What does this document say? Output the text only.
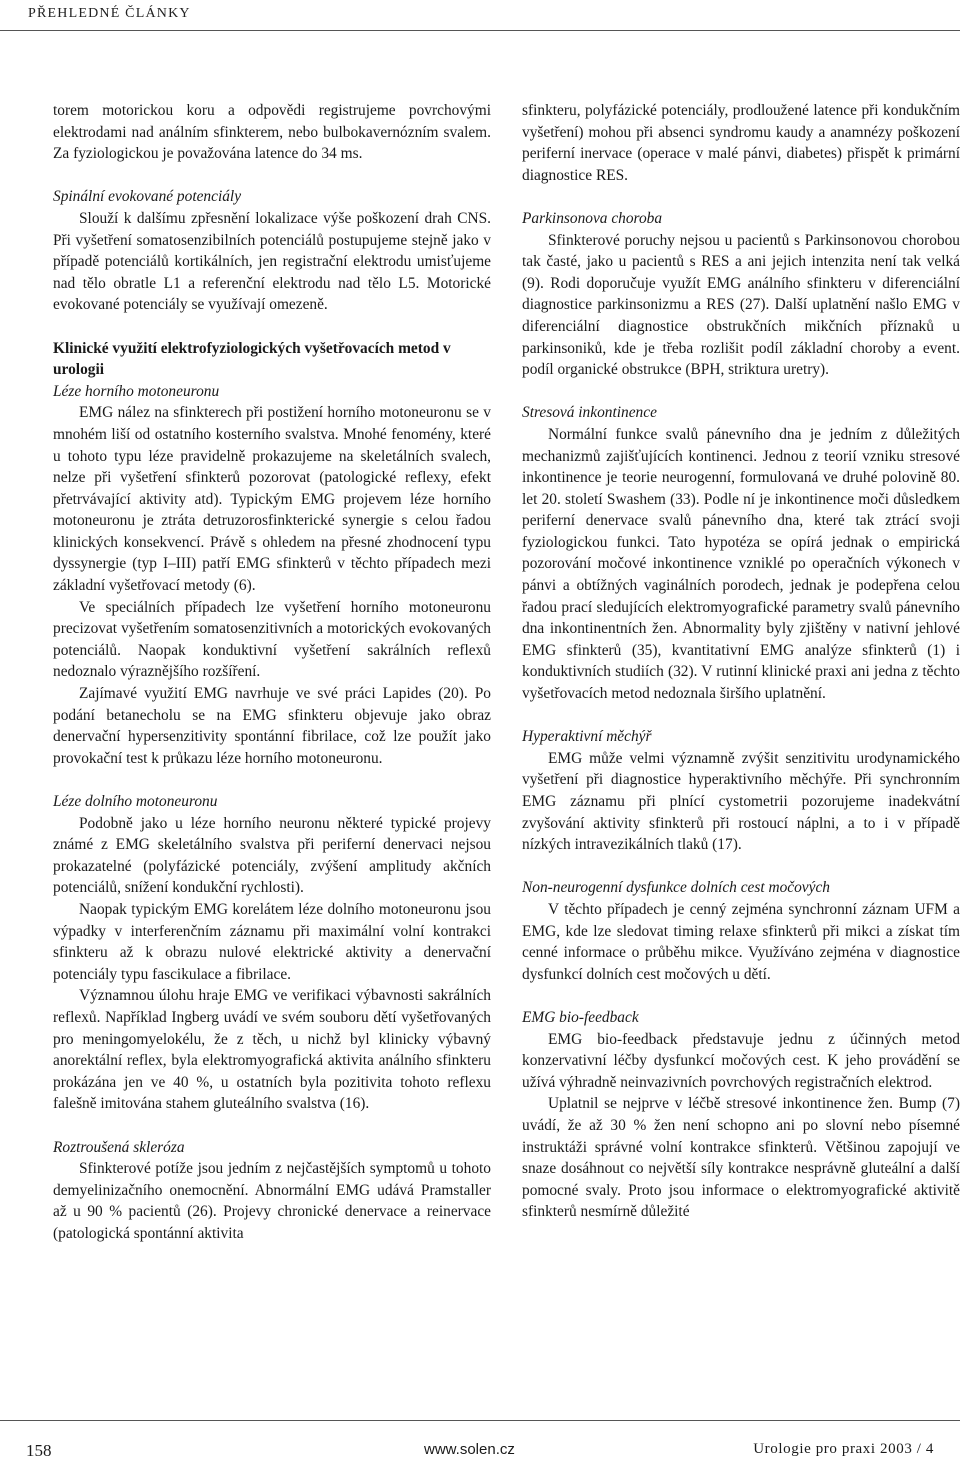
PŘEHLEDNÉ ČLÁNKY

torem motorickou koru a odpovědi registrujeme povrchovými elektrodami nad análním sfinkterem, nebo bulbokavernózním svalem. Za fyziologickou je považována latence do 34 ms.

Spinální evokované potenciály

Slouží k dalšímu zpřesnění lokalizace výše poškození drah CNS. Při vyšetření somatosenzibilních potenciálů postupujeme stejně jako v případě potenciálů kortikálních, jen registrační elektrodu umisťujeme nad tělo obratle L1 a referenční elektrodu nad tělo L5. Motorické evokované potenciály se využívají omezeně.

Klinické využití elektrofyziologických vyšetřovacích metod v urologii
Léze horního motoneuronu

EMG nález na sfinkterech při postižení horního motoneuronu se v mnohém liší od ostatního kosterního svalstva. Mnohé fenomény, které u tohoto typu léze pravidelně prokazujeme na skeletálních svalech, nelze při vyšetření sfinkterů pozorovat (patologické reflexy, efekt přetrvávající aktivity atd). Typickým EMG projevem léze horního motoneuronu je ztráta detruzorosfinkterické synergie s celou řadou klinických konsekvencí. Právě s ohledem na přesné zhodnocení typu dyssynergie (typ I–III) patří EMG sfinkterů v těchto případech mezi základní vyšetřovací metody (6).

Ve speciálních případech lze vyšetření horního motoneuronu precizovat vyšetřením somatosenzitivních a motorických evokovaných potenciálů. Naopak konduktivní vyšetření sakrálních reflexů nedoznalo výraznějšího rozšíření.

Zajímavé využití EMG navrhuje ve své práci Lapides (20). Po podání betanecholu se na EMG sfinkteru objevuje jako obraz denervační hypersenzitivity spontánní fibrilace, což lze použít jako provokační test k průkazu léze horního motoneuronu.

Léze dolního motoneuronu

Podobně jako u léze horního neuronu některé typické projevy známé z EMG skeletálního svalstva při periferní denervaci nejsou prokazatelné (polyfázické potenciály, zvýšení amplitudy akčních potenciálů, snížení kondukční rychlosti).

Naopak typickým EMG korelátem léze dolního motoneuronu jsou výpadky v interferenčním záznamu při maximální volní kontrakci sfinkteru až k obrazu nulové elektrické aktivity a denervační potenciály typu fascikulace a fibrilace.

Významnou úlohu hraje EMG ve verifikaci výbavnosti sakrálních reflexů. Například Ingberg uvádí ve svém souboru dětí vyšetřovaných pro meningomyelokélu, že z těch, u nichž byl klinicky výbavný anorektální reflex, byla elektromyografická aktivita análního sfinkteru prokázána jen ve 40 %, u ostatních byla pozitivita tohoto reflexu falešně imitována stahem gluteálního svalstva (16).

Roztroušená skleróza

Sfinkterové potíže jsou jedním z nejčastějších symptomů u tohoto demyelinizačního onemocnění. Abnormální EMG udává Pramstaller až u 90 % pacientů (26). Projevy chronické denervace a reinervace (patologická spontánní aktivita

sfinkteru, polyfázické potenciály, prodloužené latence při kondukčním vyšetření) mohou při absenci syndromu kaudy a anamnézy poškození periferní inervace (operace v malé pánvi, diabetes) přispět k primární diagnostice RES.

Parkinsonova choroba

Sfinkterové poruchy nejsou u pacientů s Parkinsonovou chorobou tak časté, jako u pacientů s RES a ani jejich intenzita není tak velká (9). Rodi doporučuje využít EMG análního sfinkteru v diferenciální diagnostice parkinsonizmu a RES (27). Další uplatnění našlo EMG v diferenciální diagnostice obstrukčních mikčních příznaků u parkinsoniků, kde je třeba rozlišit podíl základní choroby a event. podíl organické obstrukce (BPH, striktura uretry).

Stresová inkontinence

Normální funkce svalů pánevního dna je jedním z důležitých mechanizmů zajišťujících kontinenci. Jednou z teorií vzniku stresové inkontinence je teorie neurogenní, formulovaná ve druhé polovině 80. let 20. století Swashem (33). Podle ní je inkontinence moči důsledkem periferní denervace svalů pánevního dna, které tak ztrácí svoji fyziologickou funkci. Tato hypotéza se opírá jednak o empirická pozorování močové inkontinence vzniklé po operačních výkonech v pánvi a obtížných vaginálních porodech, jednak je podepřena celou řadou prací sledujících elektromyografické parametry svalů pánevního dna inkontinentních žen. Abnormality byly zjištěny v nativní jehlové EMG sfinkterů (35), kvantitativní EMG analýze sfinkterů (1) i konduktivních studiích (32). V rutinní klinické praxi ani jedna z těchto vyšetřovacích metod nedoznala širšího uplatnění.

Hyperaktivní měchýř

EMG může velmi významně zvýšit senzitivitu urodynamického vyšetření při diagnostice hyperaktivního měchýře. Při synchronním EMG záznamu při plnící cystometrii pozorujeme inadekvátní zvyšování aktivity sfinkterů při rostoucí náplni, a to i v případě nízkých intravezikálních tlaků (17).

Non-neurogenní dysfunkce dolních cest močových

V těchto případech je cenný zejména synchronní záznam UFM a EMG, kde lze sledovat timing relaxe sfinkterů při mikci a získat tím cenné informace o průběhu mikce. Využíváno zejména v diagnostice dysfunkcí dolních cest močových u dětí.

EMG bio-feedback

EMG bio-feedback představuje jednu z účinných metod konzervativní léčby dysfunkcí močových cest. K jeho provádění se užívá výhradně neinvazivních povrchových registračních elektrod.

Uplatnil se nejprve v léčbě stresové inkontinence žen. Bump (7) uvádí, že až 30 % žen není schopno ani po slovní nebo písemné instruktáži správné volní kontrakce sfinkterů. Většinou zapojují ve snaze dosáhnout co největší síly kontrakce nesprávně gluteální a další pomocné svaly. Proto jsou informace o elektromyografické aktivitě sfinkterů nesmírně důležité

158	www.solen.cz	Urologie pro praxi 2003 / 4
